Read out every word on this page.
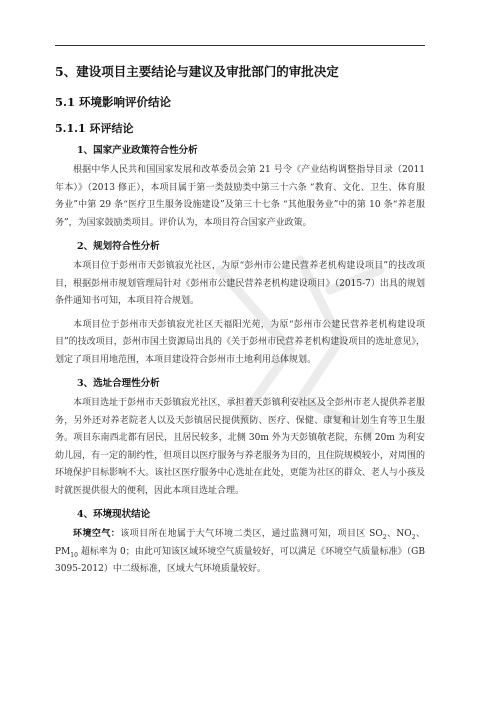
5、建设项目主要结论与建议及审批部门的审批决定
5.1 环境影响评价结论
5.1.1 环评结论
1、国家产业政策符合性分析

根据中华人民共和国国家发展和改革委员会第 21 号令《产业结构调整指导目录（2011 年本）》（2013 修正），本项目属于第一类鼓励类中第三十六条 “教育、文化、卫生、体育服务业”中第 29 条“医疗卫生服务设施建设”及第三十七条 “其他服务业”中的第 10 条“养老服务”，为国家鼓励类项目。评价认为，本项目符合国家产业政策。

2、规划符合性分析

本项目位于彭州市天彭镇寂光社区，为原“彭州市公建民营养老机构建设项目”的技改项目，根据彭州市规划管理局针对《彭州市公建民营养老机构建设项目》（2015-7）出具的规划条件通知书可知，本项目符合规划。

本项目位于彭州市天彭镇寂光社区天福阳光苑，为原“彭州市公建民营养老机构建设项目”的技改项目，彭州市国土资源局出具的《关于彭州市民营养老机构建设项目的选址意见》，划定了项目用地范围，本项目建设符合彭州市土地利用总体规划。

3、选址合理性分析

本项目选址于彭州市天彭镇寂光社区，承担着天彭镇利安社区及全彭州市老人提供养老服务，另外还对养老院老人以及天彭镇居民提供预防、医疗、保健、康复和计划生育等卫生服务。项目东南西北都有居民，且居民较多，北侧 30m 外为天彭镇敬老院，东侧 20m 为利安幼儿园，有一定的制约性，但项目以医疗服务与养老服务为目的，且住院规模较小，对周围的环境保护目标影响不大。该社区医疗服务中心选址在此处，更能为社区的群众、老人与小孩及时就医提供很大的便利，因此本项目选址合理。

4、环境现状结论

环境空气：该项目所在地属于大气环境二类区，通过监测可知，项目区 $SO_2$、$NO_2$、$PM_{10}$ 超标率为 0；由此可知该区域环境空气质量较好，可以满足《环境空气质量标准》（GB 3095-2012）中二级标准，区域大气环境质量较好。
